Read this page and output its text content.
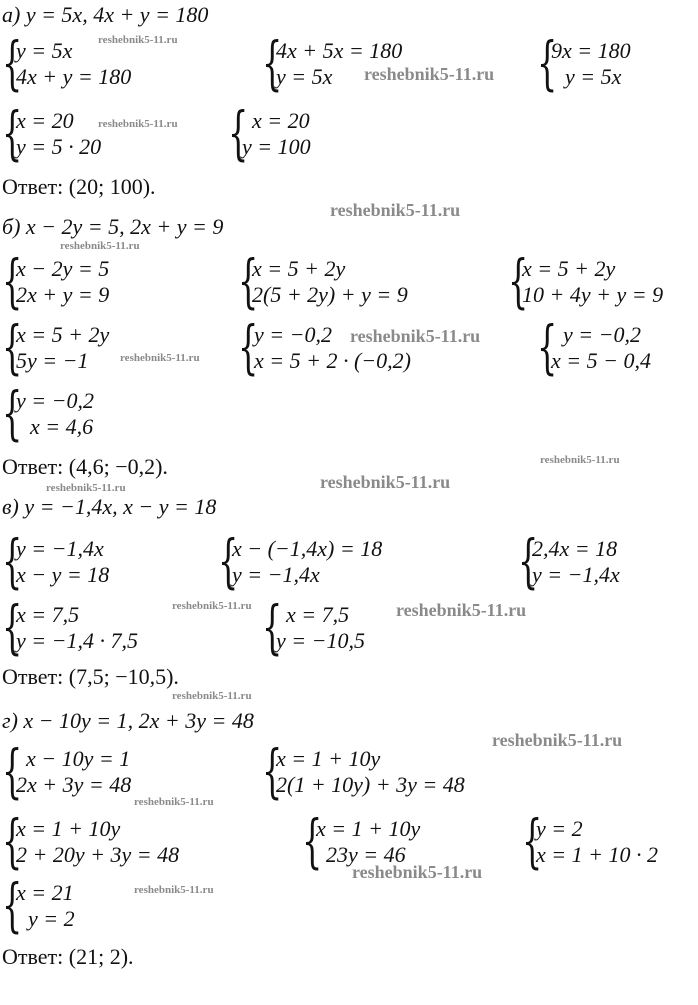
а) y = 5x, 4x + y = 180
{
y = 5x
4x + y = 180 {
4x + 5x = 180
y = 5x	{
9x = 180
y = 5x
{
x = 20
y = 5 · 20 { x = 20
y = 100
Ответ: (20; 100).
б) x − 2y = 5, 2x + y = 9
{
x − 2y = 5
2x + y = 9 {
x = 5 + 2y
2(5 + 2y) + y = 9 {
x = 5 + 2y
10 + 4y + y = 9
{
x = 5 + 2y
5y = −1	{
y = −0,2
x = 5 + 2 · (−0,2) { y = −0,2
x = 5 − 0,4
{
y = −0,2
x = 4,6
Ответ: (4,6; −0,2).
в) y = −1,4x, x − y = 18
{
y = −1,4x
x − y = 18 {
x − (−1,4x) = 18
y = −1,4x	{
2,4x = 18
y = −1,4x
{
x = 7,5
y = −1,4 · 7,5 { x = 7,5
y = −10,5
Ответ: (7,5; −10,5).
г) x − 10y = 1, 2x + 3y = 48
{ x − 10y = 1
2x + 3y = 48 {
x = 1 + 10y
2(1 + 10y) + 3y = 48
{
x = 1 + 10y
2 + 20y + 3y = 48 {
x = 1 + 10y
23y = 46 {
y = 2
x = 1 + 10 · 2
{
x = 21
y = 2
Ответ: (21; 2).
reshebnik5-11.ru
reshebnik5-11.ru
reshebnik5-11.ru
reshebnik5-11.ru
reshebnik5-11.ru
reshebnik5-11.ru
reshebnik5-11.ru
reshebnik5-11.ru
reshebnik5-11.ru
reshebnik5-11.ru
reshebnik5-11.ru	reshebnik5-11.ru
reshebnik5-11.ru
reshebnik5-11.ru
reshebnik5-11.ru
reshebnik5-11.ru
reshebnik5-11.ru
